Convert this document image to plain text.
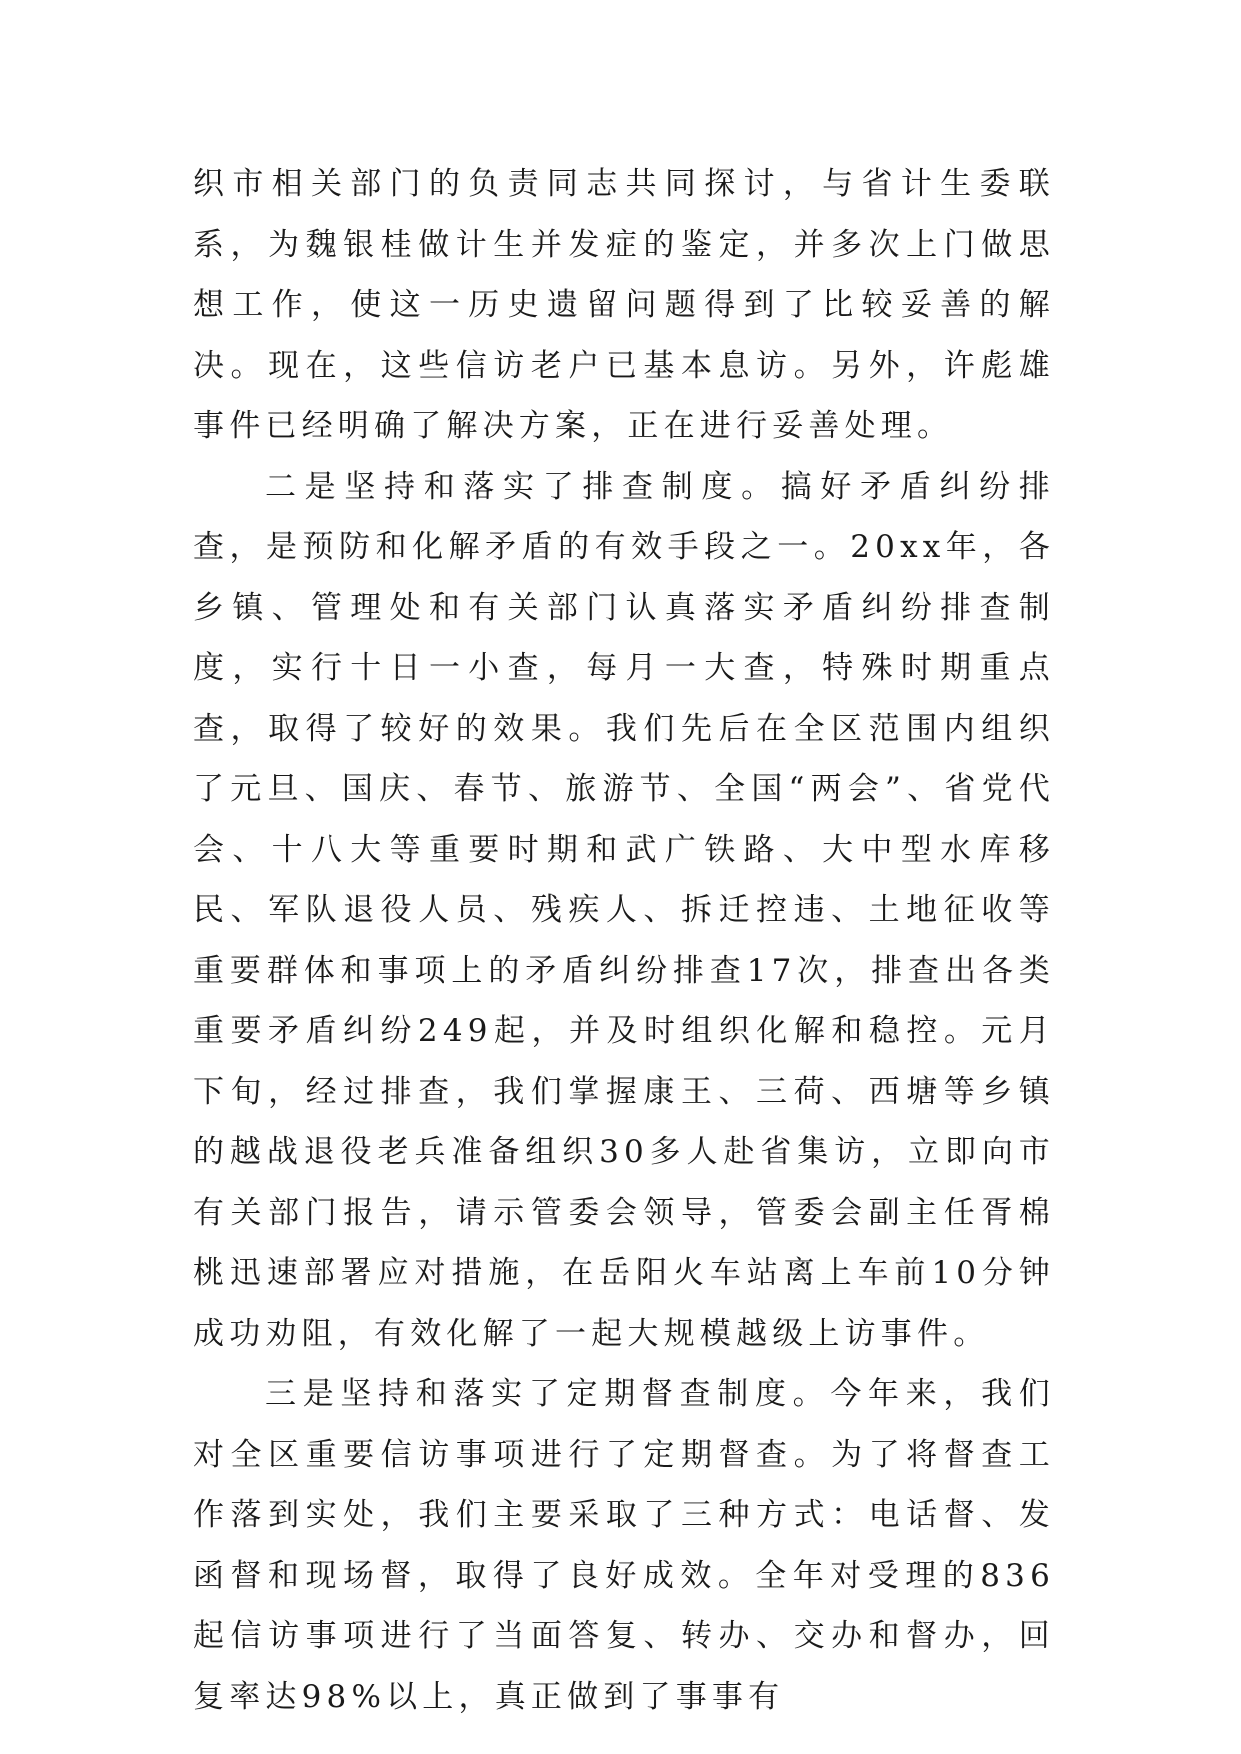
织市相关部门的负责同志共同探讨，与省计生委联系，为魏银桂做计生并发症的鉴定，并多次上门做思想工作，使这一历史遗留问题得到了比较妥善的解决。现在，这些信访老户已基本息访。另外，许彪雄事件已经明确了解决方案，正在进行妥善处理。

二是坚持和落实了排查制度。搞好矛盾纠纷排查，是预防和化解矛盾的有效手段之一。20xx年，各乡镇、管理处和有关部门认真落实矛盾纠纷排查制度，实行十日一小查，每月一大查，特殊时期重点查，取得了较好的效果。我们先后在全区范围内组织了元旦、国庆、春节、旅游节、全国“两会”、省党代会、十八大等重要时期和武广铁路、大中型水库移民、军队退役人员、残疾人、拆迁控违、土地征收等重要群体和事项上的矛盾纠纷排查17次，排查出各类重要矛盾纠纷249起，并及时组织化解和稳控。元月下旬，经过排查，我们掌握康王、三荷、西塘等乡镇的越战退役老兵准备组织30多人赴省集访，立即向市有关部门报告，请示管委会领导，管委会副主任胥棉桃迅速部署应对措施，在岳阳火车站离上车前10分钟成功劝阻，有效化解了一起大规模越级上访事件。

三是坚持和落实了定期督查制度。今年来，我们对全区重要信访事项进行了定期督查。为了将督查工作落到实处，我们主要采取了三种方式：电话督、发函督和现场督，取得了良好成效。全年对受理的836起信访事项进行了当面答复、转办、交办和督办，回复率达98%以上，真正做到了事事有
